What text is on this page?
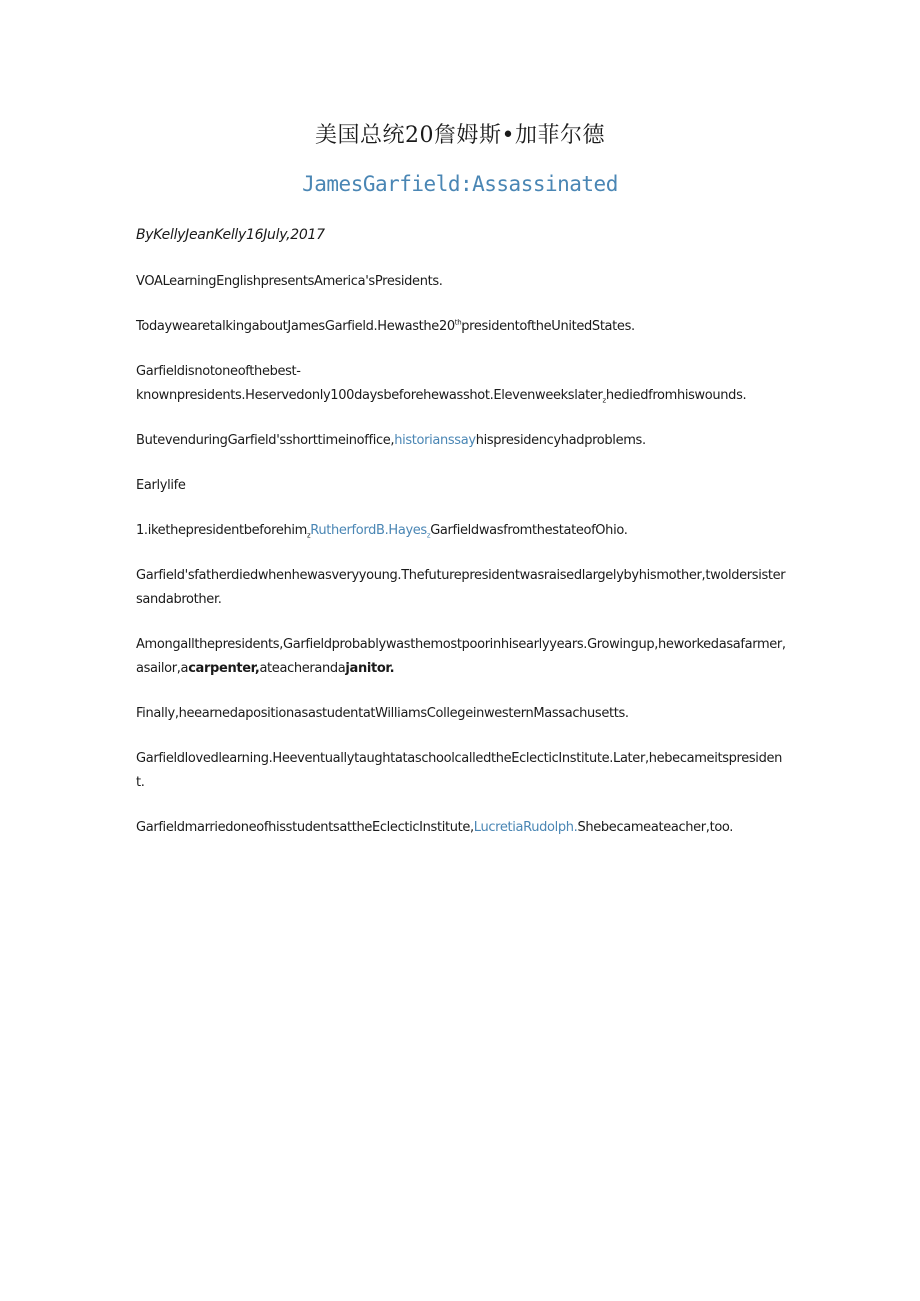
美国总统20詹姆斯•加菲尔德
JamesGarfield:Assassinated
ByKellyJeanKelly16July,2017

VOALearningEnglishpresentsAmerica'sPresidents.

TodaywearetalkingaboutJamesGarfield.Hewasthe20thpresidentoftheUnitedStates.

Garfieldisnotoneofthebest-
knownpresidents.Heservedonly100daysbeforehewasshot.Elevenweekslater$_z$hediedfromhiswounds.

ButevenduringGarfield'sshorttimeinoffice,historianssayhispresidencyhadproblems.

Earlylife

1.ikethepresidentbeforehim$_z$RutherfordB.Hayes$_z$GarfieldwasfromthestateofOhio.

Garfield'sfatherdiedwhenhewasveryyoung.Thefuturepresidentwasraisedlargelybyhismother,twoldersistersandabrother.

Amongallthepresidents,Garfieldprobablywasthemostpoorinhisearlyyears.Growingup,heworkedasafarmer,asailor,acarpenter,ateacherandajanitor.

Finally,heearnedapositionasastudentatWilliamsCollegeinwesternMassachusetts.

Garfieldlovedlearning.HeeventuallytaughtataschoolcalledtheEclecticInstitute.Later,hebecameitspresident.

GarfieldmarriedoneofhisstudentsattheEclecticInstitute,LucretiaRudolph.Shebecameateacher,too.
